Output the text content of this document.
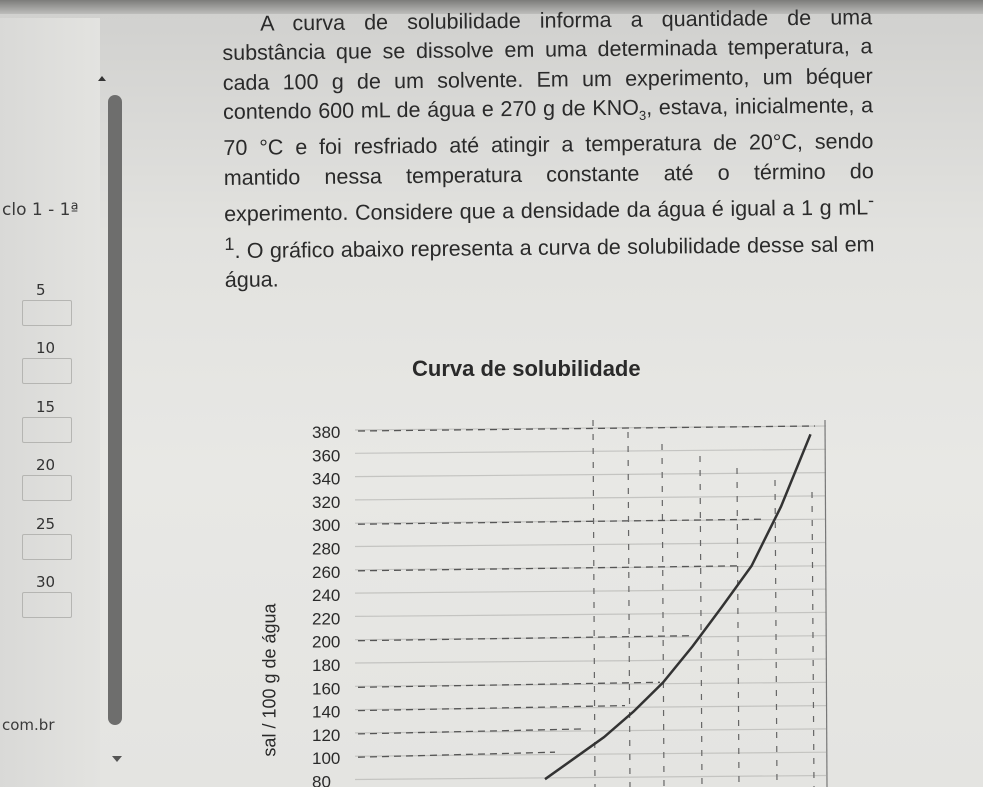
clo 1 - 1ª
com.br
5
10
15
20
25
30
A curva de solubilidade informa a quantidade de uma substância que se dissolve em uma determinada temperatura, a cada 100 g de um solvente. Em um experimento, um béquer contendo 600 mL de água e 270 g de $KNO_3$, estava, inicialmente, a 70 °C e foi resfriado até atingir a temperatura de 20°C, sendo mantido nessa temperatura constante até o término do experimento. Considere que a densidade da água é igual a 1 g $mL^{-1}$. O gráfico abaixo representa a curva de solubilidade desse sal em água.
Curva de solubilidade
sal / 100 g de água
380
360
340
320
300
280
260
240
220
200
180
160
140
120
100
80
